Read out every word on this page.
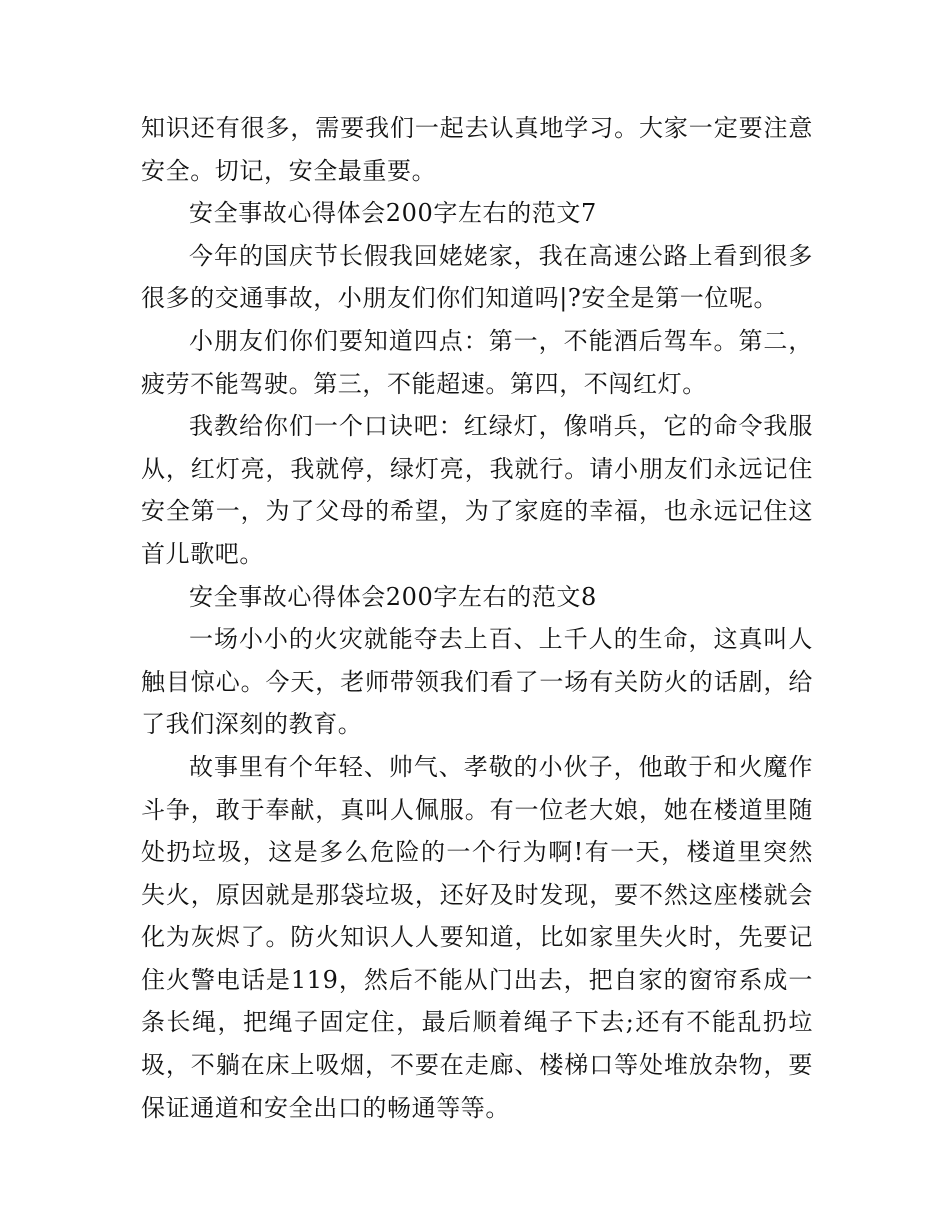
知识还有很多，需要我们一起去认真地学习。大家一定要注意安全。切记，安全最重要。

安全事故心得体会200字左右的范文7

今年的国庆节长假我回姥姥家，我在高速公路上看到很多很多的交通事故，小朋友们你们知道吗|?安全是第一位呢。

小朋友们你们要知道四点：第一，不能酒后驾车。第二，疲劳不能驾驶。第三，不能超速。第四，不闯红灯。

我教给你们一个口诀吧：红绿灯，像哨兵，它的命令我服从，红灯亮，我就停，绿灯亮，我就行。请小朋友们永远记住安全第一，为了父母的希望，为了家庭的幸福，也永远记住这首儿歌吧。

安全事故心得体会200字左右的范文8

一场小小的火灾就能夺去上百、上千人的生命，这真叫人触目惊心。今天，老师带领我们看了一场有关防火的话剧，给了我们深刻的教育。

故事里有个年轻、帅气、孝敬的小伙子，他敢于和火魔作斗争，敢于奉献，真叫人佩服。有一位老大娘，她在楼道里随处扔垃圾，这是多么危险的一个行为啊!有一天，楼道里突然失火，原因就是那袋垃圾，还好及时发现，要不然这座楼就会化为灰烬了。防火知识人人要知道，比如家里失火时，先要记住火警电话是119，然后不能从门出去，把自家的窗帘系成一条长绳，把绳子固定住，最后顺着绳子下去;还有不能乱扔垃圾，不躺在床上吸烟，不要在走廊、楼梯口等处堆放杂物，要保证通道和安全出口的畅通等等。
